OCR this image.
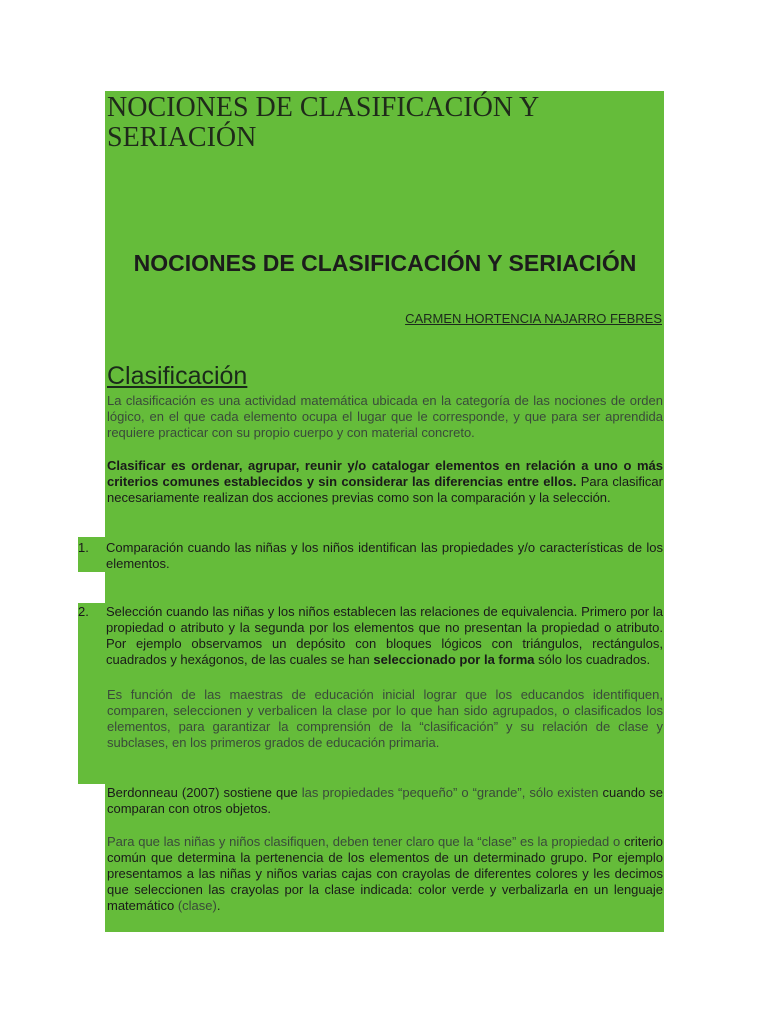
NOCIONES DE CLASIFICACIÓN Y SERIACIÓN
NOCIONES DE CLASIFICACIÓN Y SERIACIÓN
CARMEN HORTENCIA NAJARRO FEBRES
Clasificación

La clasificación es una actividad matemática ubicada en la categoría de las nociones de orden lógico, en el que cada elemento ocupa el lugar que le corresponde, y que para ser aprendida requiere practicar con su propio cuerpo y con material concreto.

Clasificar es ordenar, agrupar, reunir y/o catalogar elementos en relación a uno o más criterios comunes establecidos y sin considerar las diferencias entre ellos. Para clasificar necesariamente realizan dos acciones previas como son la comparación y la selección.

1. Comparación cuando las niñas y los niños identifican las propiedades y/o características de los elementos.
2. Selección cuando las niñas y los niños establecen las relaciones de equivalencia. Primero por la propiedad o atributo y la segunda por los elementos que no presentan la propiedad o atributo. Por ejemplo observamos un depósito con bloques lógicos con triángulos, rectángulos, cuadrados y hexágonos, de las cuales se han seleccionado por la forma sólo los cuadrados.

Es función de las maestras de educación inicial lograr que los educandos identifiquen, comparen, seleccionen y verbalicen la clase por lo que han sido agrupados, o clasificados los elementos, para garantizar la comprensión de la “clasificación” y su relación de clase y subclases, en los primeros grados de educación primaria.

Berdonneau (2007) sostiene que las propiedades “pequeño” o “grande”, sólo existen cuando se comparan con otros objetos.

Para que las niñas y niños clasifiquen, deben tener claro que la “clase” es la propiedad o criterio común que determina la pertenencia de los elementos de un determinado grupo. Por ejemplo presentamos a las niñas y niños varias cajas con crayolas de diferentes colores y les decimos que seleccionen las crayolas por la clase indicada: color verde y verbalizarla en un lenguaje matemático (clase).
